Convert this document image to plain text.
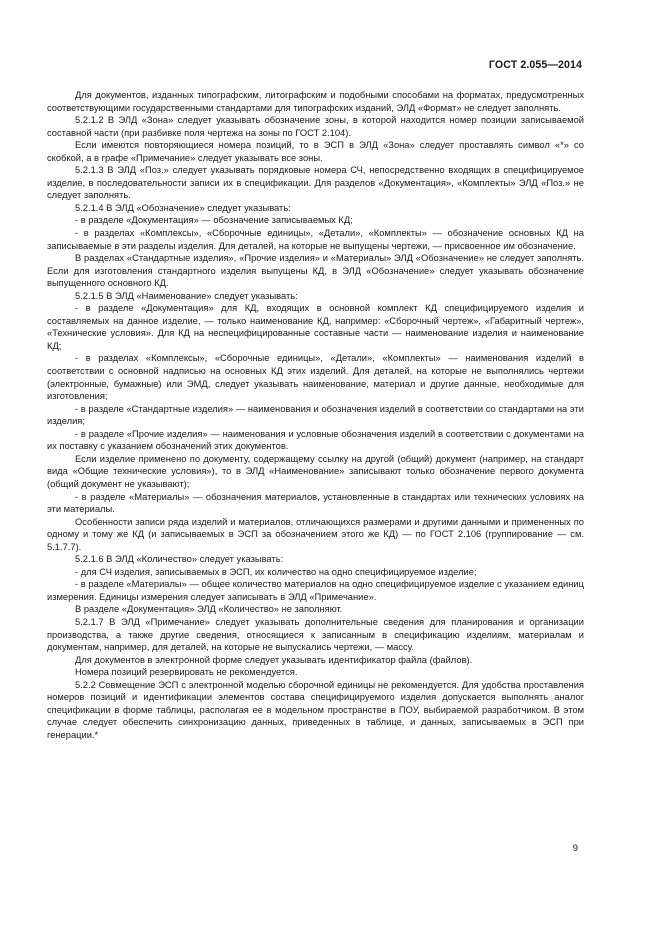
ГОСТ 2.055—2014

Для документов, изданных типографским, литографским и подобными способами на форматах, предусмотренных соответствующими государственными стандартами для типографских изданий, ЭЛД «Формат» не следует заполнять.

5.2.1.2 В ЭЛД «Зона» следует указывать обозначение зоны, в которой находится номер позиции записываемой составной части (при разбивке поля чертежа на зоны по ГОСТ 2.104).

Если имеются повторяющиеся номера позиций, то в ЭСП в ЭЛД «Зона» следует проставлять символ «*» со скобкой, а в графе «Примечание» следует указывать все зоны.

5.2.1.3 В ЭЛД «Поз.» следует указывать порядковые номера СЧ, непосредственно входящих в специфицируемое изделие, в последовательности записи их в спецификации. Для разделов «Документация», «Комплекты» ЭЛД «Поз.» не следует заполнять.

5.2.1.4 В ЭЛД «Обозначение» следует указывать:

- в разделе «Документация» — обозначение записываемых КД;

- в разделах «Комплексы», «Сборочные единицы», «Детали», «Комплекты» — обозначение основных КД на записываемые в эти разделы изделия. Для деталей, на которые не выпущены чертежи, — присвоенное им обозначение.

В разделах «Стандартные изделия», «Прочие изделия» и «Материалы» ЭЛД «Обозначение» не следует заполнять. Если для изготовления стандартного изделия выпущены КД, в ЭЛД «Обозначение» следует указывать обозначение выпущенного основного КД.

5.2.1.5 В ЭЛД «Наименование» следует указывать:

- в разделе «Документация» для КД, входящих в основной комплект КД специфицируемого изделия и составляемых на данное изделие, — только наименование КД, например: «Сборочный чертеж», «Габаритный чертеж», «Технические условия». Для КД на неспецифицированные составные части — наименование изделия и наименование КД;

- в разделах «Комплексы», «Сборочные единицы», «Детали», «Комплекты» — наименования изделий в соответствии с основной надписью на основных КД этих изделий. Для деталей, на которые не выполнялись чертежи (электронные, бумажные) или ЭМД, следует указывать наименование, материал и другие данные, необходимые для изготовления;

- в разделе «Стандартные изделия» — наименования и обозначения изделий в соответствии со стандартами на эти изделия;

- в разделе «Прочие изделия» — наименования и условные обозначения изделий в соответствии с документами на их поставку с указанием обозначений этих документов.

Если изделие применено по документу, содержащему ссылку на другой (общий) документ (например, на стандарт вида «Общие технические условия»), то в ЭЛД «Наименование» записывают только обозначение первого документа (общий документ не указывают);

- в разделе «Материалы» — обозначения материалов, установленные в стандартах или технических условиях на эти материалы.

Особенности записи ряда изделий и материалов, отличающихся размерами и другими данными и примененных по одному и тому же КД (и записываемых в ЭСП за обозначением этого же КД) — по ГОСТ 2.106 (группирование — см. 5.1.7.7).

5.2.1.6 В ЭЛД «Количество» следует указывать:

- для СЧ изделия, записываемых в ЭСП, их количество на одно специфицируемое изделие;

- в разделе «Материалы» — общее количество материалов на одно специфицируемое изделие с указанием единиц измерения. Единицы измерения следует записывать в ЭЛД «Примечание».

В разделе «Документация» ЭЛД «Количество» не заполняют.

5.2.1.7 В ЭЛД «Примечание» следует указывать дополнительные сведения для планирования и организации производства, а также другие сведения, относящиеся к записанным в спецификацию изделиям, материалам и документам, например, для деталей, на которые не выпускались чертежи, — массу.

Для документов в электронной форме следует указывать идентификатор файла (файлов).

Номера позиций резервировать не рекомендуется.

5.2.2 Совмещение ЭСП с электронной моделью сборочной единицы не рекомендуется. Для удобства проставления номеров позиций и идентификации элементов состава специфицируемого изделия допускается выполнять аналог спецификации в форме таблицы, располагая ее в модельном пространстве в ПОУ, выбираемой разработчиком. В этом случае следует обеспечить синхронизацию данных, приведенных в таблице, и данных, записываемых в ЭСП при генерации.*

9
